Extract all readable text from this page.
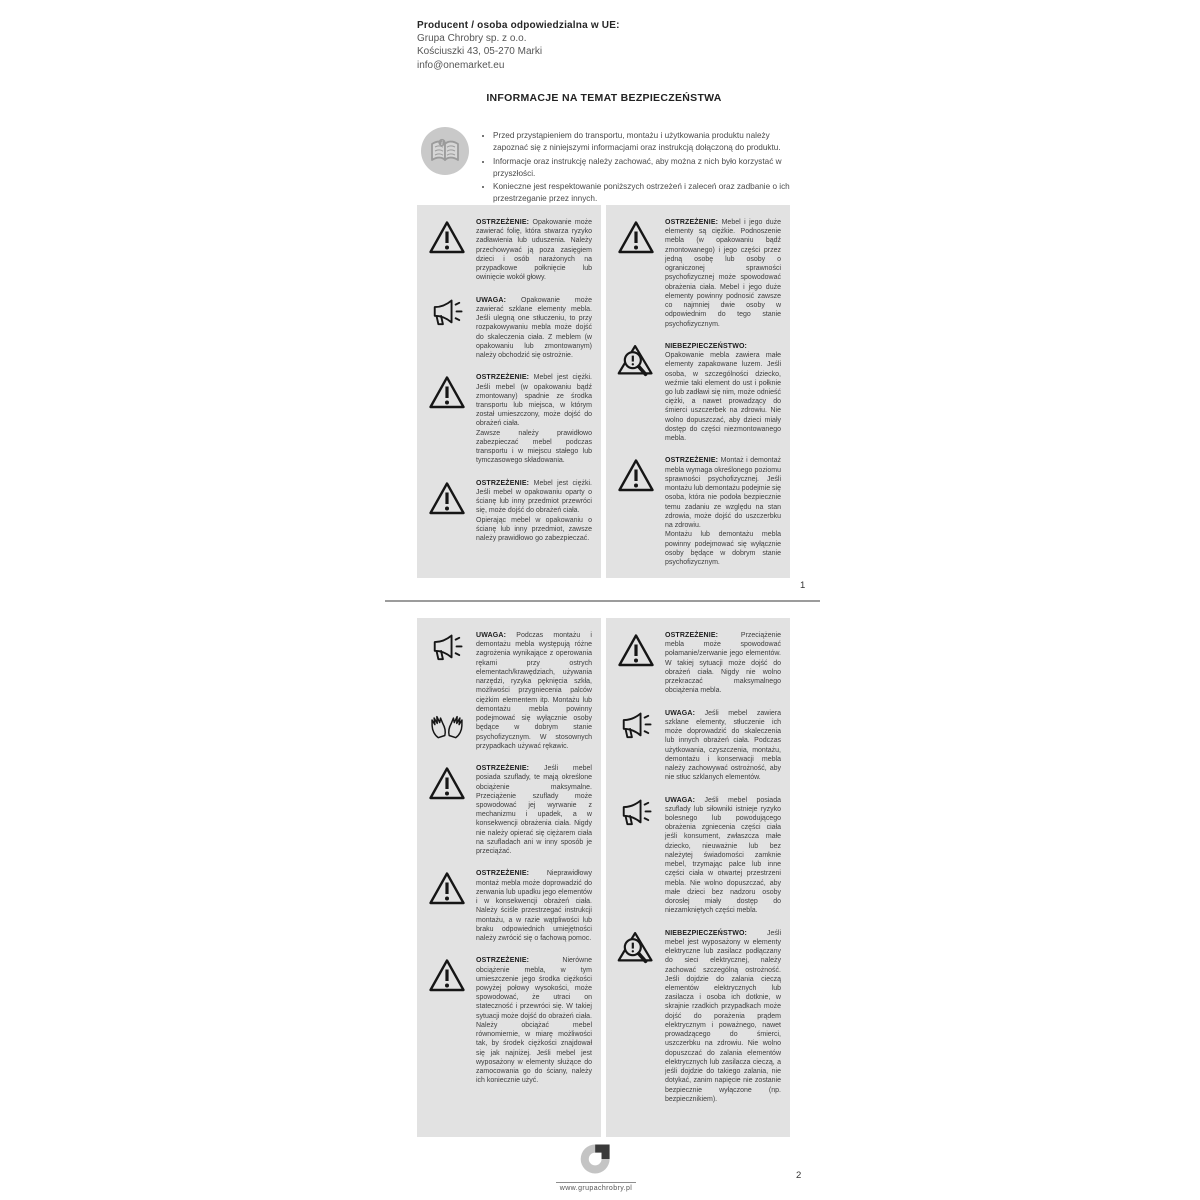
Producent / osoba odpowiedzialna w UE:
Grupa Chrobry sp. z o.o.
Kościuszki 43, 05-270 Marki
info@onemarket.eu
INFORMACJE NA TEMAT BEZPIECZEŃSTWA
i
• Przed przystąpieniem do transportu, montażu i użytkowania produktu należy zapoznać się z niniejszymi informacjami oraz instrukcją dołączoną do produktu.
• Informacje oraz instrukcję należy zachować, aby można z nich było korzystać w przyszłości.
• Konieczne jest respektowanie poniższych ostrzeżeń i zaleceń oraz zadbanie o ich przestrzeganie przez innych.

OSTRZEŻENIE: Opakowanie może zawierać folię, która stwarza ryzyko zadławienia lub uduszenia. Należy przechowywać ją poza zasięgiem dzieci i osób narażonych na przypadkowe połknięcie lub owinięcie wokół głowy.

UWAGA: Opakowanie może zawierać szklane elementy mebla. Jeśli ulegną one stłuczeniu, to przy rozpakowywaniu mebla może dojść do skaleczenia ciała. Z meblem (w opakowaniu lub zmontowanym) należy obchodzić się ostrożnie.

OSTRZEŻENIE: Mebel jest ciężki. Jeśli mebel (w opakowaniu bądź zmontowany) spadnie ze środka transportu lub miejsca, w którym został umieszczony, może dojść do obrażeń ciała.

Zawsze należy prawidłowo zabezpieczać mebel podczas transportu i w miejscu stałego lub tymczasowego składowania.

OSTRZEŻENIE: Mebel jest ciężki. Jeśli mebel w opakowaniu oparty o ścianę lub inny przedmiot przewróci się, może dojść do obrażeń ciała.

Opierając mebel w opakowaniu o ścianę lub inny przedmiot, zawsze należy prawidłowo go zabezpieczać.

OSTRZEŻENIE: Mebel i jego duże elementy są ciężkie. Podnoszenie mebla (w opakowaniu bądź zmontowanego) i jego części przez jedną osobę lub osoby o ograniczonej sprawności psychofizycznej może spowodować obrażenia ciała. Mebel i jego duże elementy powinny podnosić zawsze co najmniej dwie osoby w odpowiednim do tego stanie psychofizycznym.

NIEBEZPIECZEŃSTWO: Opakowanie mebla zawiera małe elementy zapakowane luzem. Jeśli osoba, w szczególności dziecko, weźmie taki element do ust i połknie go lub zadławi się nim, może odnieść ciężki, a nawet prowadzący do śmierci uszczerbek na zdrowiu. Nie wolno dopuszczać, aby dzieci miały dostęp do części niezmontowanego mebla.

OSTRZEŻENIE: Montaż i demontaż mebla wymaga określonego poziomu sprawności psychofizycznej. Jeśli montażu lub demontażu podejmie się osoba, która nie podoła bezpiecznie temu zadaniu ze względu na stan zdrowia, może dojść do uszczerbku na zdrowiu.

Montażu lub demontażu mebla powinny podejmować się wyłącznie osoby będące w dobrym stanie psychofizycznym.

1

UWAGA: Podczas montażu i demontażu mebla występują różne zagrożenia wynikające z operowania rękami przy ostrych elementach/krawędziach, używania narzędzi, ryzyka pęknięcia szkła, możliwości przygniecenia palców ciężkim elementem itp. Montażu lub demontażu mebla powinny podejmować się wyłącznie osoby będące w dobrym stanie psychofizycznym. W stosownych przypadkach używać rękawic.

OSTRZEŻENIE: Jeśli mebel posiada szuflady, te mają określone obciążenie maksymalne. Przeciążenie szuflady może spowodować jej wyrwanie z mechanizmu i upadek, a w konsekwencji obrażenia ciała. Nigdy nie należy opierać się ciężarem ciała na szufladach ani w inny sposób je przeciążać.

OSTRZEŻENIE: Nieprawidłowy montaż mebla może doprowadzić do zerwania lub upadku jego elementów i w konsekwencji obrażeń ciała. Należy ściśle przestrzegać instrukcji montażu, a w razie wątpliwości lub braku odpowiednich umiejętności należy zwrócić się o fachową pomoc.

OSTRZEŻENIE: Nierówne obciążenie mebla, w tym umieszczenie jego środka ciężkości powyżej połowy wysokości, może spowodować, że utraci on stateczność i przewróci się. W takiej sytuacji może dojść do obrażeń ciała. Należy obciążać mebel równomiernie, w miarę możliwości tak, by środek ciężkości znajdował się jak najniżej. Jeśli mebel jest wyposażony w elementy służące do zamocowania go do ściany, należy ich koniecznie użyć.

OSTRZEŻENIE: Przeciążenie mebla może spowodować połamanie/zerwanie jego elementów. W takiej sytuacji może dojść do obrażeń ciała. Nigdy nie wolno przekraczać maksymalnego obciążenia mebla.

UWAGA: Jeśli mebel zawiera szklane elementy, stłuczenie ich może doprowadzić do skaleczenia lub innych obrażeń ciała. Podczas użytkowania, czyszczenia, montażu, demontażu i konserwacji mebla należy zachowywać ostrożność, aby nie stłuc szklanych elementów.

UWAGA: Jeśli mebel posiada szuflady lub siłowniki istnieje ryzyko bolesnego lub powodującego obrażenia zgniecenia części ciała jeśli konsument, zwłaszcza małe dziecko, nieuważnie lub bez należytej świadomości zamknie mebel, trzymając palce lub inne części ciała w otwartej przestrzeni mebla. Nie wolno dopuszczać, aby małe dzieci bez nadzoru osoby dorosłej miały dostęp do niezamkniętych części mebla.

NIEBEZPIECZEŃSTWO: Jeśli mebel jest wyposażony w elementy elektryczne lub zasilacz podłączany do sieci elektrycznej, należy zachować szczególną ostrożność. Jeśli dojdzie do zalania cieczą elementów elektrycznych lub zasilacza i osoba ich dotknie, w skrajnie rzadkich przypadkach może dojść do porażenia prądem elektrycznym i poważnego, nawet prowadzącego do śmierci, uszczerbku na zdrowiu. Nie wolno dopuszczać do zalania elementów elektrycznych lub zasilacza cieczą, a jeśli dojdzie do takiego zalania, nie dotykać, zanim napięcie nie zostanie bezpiecznie wyłączone (np. bezpiecznikiem).

www.grupachrobry.pl
2
